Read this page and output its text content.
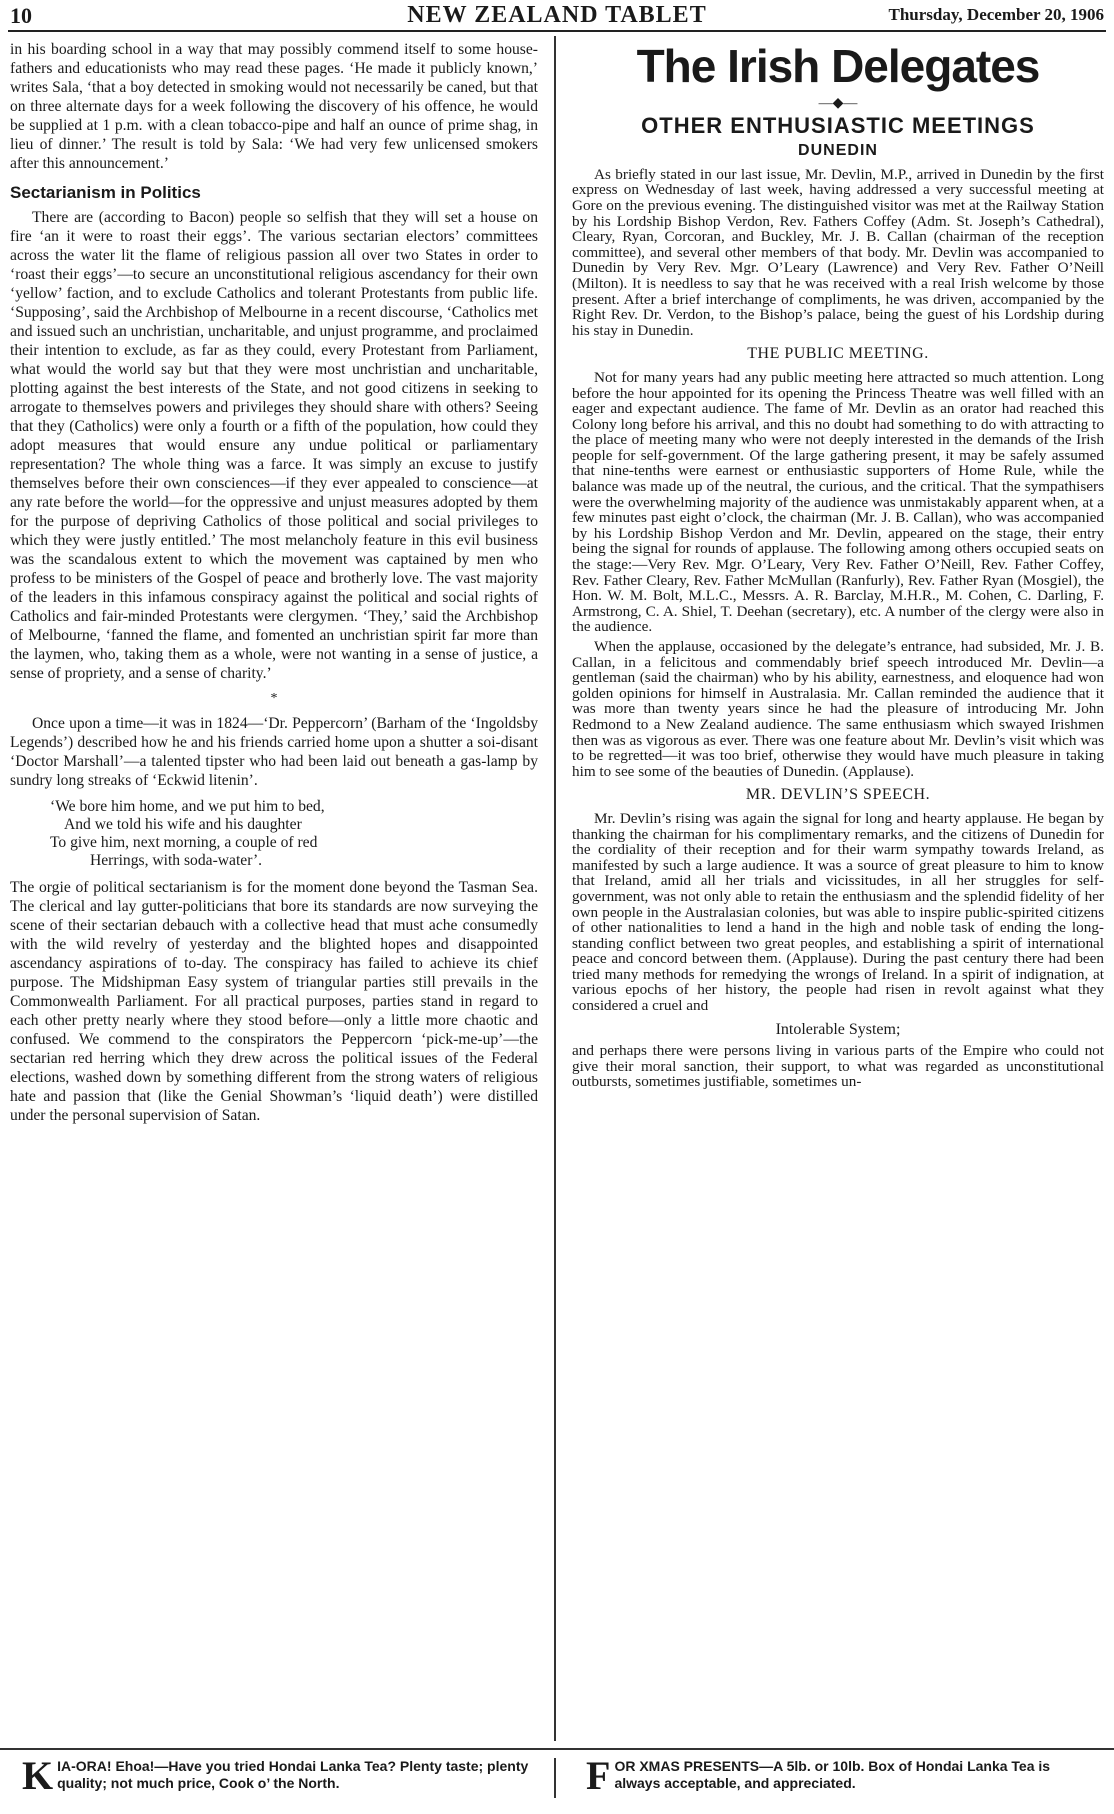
10	NEW ZEALAND TABLET	Thursday, December 20, 1906

in his boarding school in a way that may possibly commend itself to some house-fathers and educationists who may read these pages. ‘He made it publicly known,’ writes Sala, ‘that a boy detected in smoking would not necessarily be caned, but that on three alternate days for a week following the discovery of his offence, he would be supplied at 1 p.m. with a clean tobacco-pipe and half an ounce of prime shag, in lieu of dinner.’ The result is told by Sala: ‘We had very few unlicensed smokers after this announcement.’

Sectarianism in Politics

There are (according to Bacon) people so selfish that they will set a house on fire ‘an it were to roast their eggs’. The various sectarian electors’ committees across the water lit the flame of religious passion all over two States in order to ‘roast their eggs’—to secure an unconstitutional religious ascendancy for their own ‘yellow’ faction, and to exclude Catholics and tolerant Protestants from public life. ‘Supposing’, said the Archbishop of Melbourne in a recent discourse, ‘Catholics met and issued such an unchristian, uncharitable, and unjust programme, and proclaimed their intention to exclude, as far as they could, every Protestant from Parliament, what would the world say but that they were most unchristian and uncharitable, plotting against the best interests of the State, and not good citizens in seeking to arrogate to themselves powers and privileges they should share with others? Seeing that they (Catholics) were only a fourth or a fifth of the population, how could they adopt measures that would ensure any undue political or parliamentary representation? The whole thing was a farce. It was simply an excuse to justify themselves before their own consciences—if they ever appealed to conscience—at any rate before the world—for the oppressive and unjust measures adopted by them for the purpose of depriving Catholics of those political and social privileges to which they were justly entitled.’ The most melancholy feature in this evil business was the scandalous extent to which the movement was captained by men who profess to be ministers of the Gospel of peace and brotherly love. The vast majority of the leaders in this infamous conspiracy against the political and social rights of Catholics and fair-minded Protestants were clergymen. ‘They,’ said the Archbishop of Melbourne, ‘fanned the flame, and fomented an unchristian spirit far more than the laymen, who, taking them as a whole, were not wanting in a sense of justice, a sense of propriety, and a sense of charity.’

*

Once upon a time—it was in 1824—‘Dr. Peppercorn’ (Barham of the ‘Ingoldsby Legends’) described how he and his friends carried home upon a shutter a soi-disant ‘Doctor Marshall’—a talented tipster who had been laid out beneath a gas-lamp by sundry long streaks of ‘Eckwid litenin’.

‘We bore him home, and we put him to bed,
And we told his wife and his daughter
To give him, next morning, a couple of red
Herrings, with soda-water’.

The orgie of political sectarianism is for the moment done beyond the Tasman Sea. The clerical and lay gutter-politicians that bore its standards are now surveying the scene of their sectarian debauch with a collective head that must ache consumedly with the wild revelry of yesterday and the blighted hopes and disappointed ascendancy aspirations of to-day. The conspiracy has failed to achieve its chief purpose. The Midshipman Easy system of triangular parties still prevails in the Commonwealth Parliament. For all practical purposes, parties stand in regard to each other pretty nearly where they stood before—only a little more chaotic and confused. We commend to the conspirators the Peppercorn ‘pick-me-up’—the sectarian red herring which they drew across the political issues of the Federal elections, washed down by something different from the strong waters of religious hate and passion that (like the Genial Showman’s ‘liquid death’) were distilled under the personal supervision of Satan.

The Irish Delegates
—◆—
OTHER ENTHUSIASTIC MEETINGS
DUNEDIN

As briefly stated in our last issue, Mr. Devlin, M.P., arrived in Dunedin by the first express on Wednesday of last week, having addressed a very successful meeting at Gore on the previous evening. The distinguished visitor was met at the Railway Station by his Lordship Bishop Verdon, Rev. Fathers Coffey (Adm. St. Joseph’s Cathedral), Cleary, Ryan, Corcoran, and Buckley, Mr. J. B. Callan (chairman of the reception committee), and several other members of that body. Mr. Devlin was accompanied to Dunedin by Very Rev. Mgr. O’Leary (Lawrence) and Very Rev. Father O’Neill (Milton). It is needless to say that he was received with a real Irish welcome by those present. After a brief interchange of compliments, he was driven, accompanied by the Right Rev. Dr. Verdon, to the Bishop’s palace, being the guest of his Lordship during his stay in Dunedin.

THE PUBLIC MEETING.

Not for many years had any public meeting here attracted so much attention. Long before the hour appointed for its opening the Princess Theatre was well filled with an eager and expectant audience. The fame of Mr. Devlin as an orator had reached this Colony long before his arrival, and this no doubt had something to do with attracting to the place of meeting many who were not deeply interested in the demands of the Irish people for self-government. Of the large gathering present, it may be safely assumed that nine-tenths were earnest or enthusiastic supporters of Home Rule, while the balance was made up of the neutral, the curious, and the critical. That the sympathisers were the overwhelming majority of the audience was unmistakably apparent when, at a few minutes past eight o’clock, the chairman (Mr. J. B. Callan), who was accompanied by his Lordship Bishop Verdon and Mr. Devlin, appeared on the stage, their entry being the signal for rounds of applause. The following among others occupied seats on the stage:—Very Rev. Mgr. O’Leary, Very Rev. Father O’Neill, Rev. Father Coffey, Rev. Father Cleary, Rev. Father McMullan (Ranfurly), Rev. Father Ryan (Mosgiel), the Hon. W. M. Bolt, M.L.C., Messrs. A. R. Barclay, M.H.R., M. Cohen, C. Darling, F. Armstrong, C. A. Shiel, T. Deehan (secretary), etc. A number of the clergy were also in the audience.

When the applause, occasioned by the delegate’s entrance, had subsided, Mr. J. B. Callan, in a felicitous and commendably brief speech introduced Mr. Devlin—a gentleman (said the chairman) who by his ability, earnestness, and eloquence had won golden opinions for himself in Australasia. Mr. Callan reminded the audience that it was more than twenty years since he had the pleasure of introducing Mr. John Redmond to a New Zealand audience. The same enthusiasm which swayed Irishmen then was as vigorous as ever. There was one feature about Mr. Devlin’s visit which was to be regretted—it was too brief, otherwise they would have much pleasure in taking him to see some of the beauties of Dunedin. (Applause).

MR. DEVLIN’S SPEECH.

Mr. Devlin’s rising was again the signal for long and hearty applause. He began by thanking the chairman for his complimentary remarks, and the citizens of Dunedin for the cordiality of their reception and for their warm sympathy towards Ireland, as manifested by such a large audience. It was a source of great pleasure to him to know that Ireland, amid all her trials and vicissitudes, in all her struggles for self-government, was not only able to retain the enthusiasm and the splendid fidelity of her own people in the Australasian colonies, but was able to inspire public-spirited citizens of other nationalities to lend a hand in the high and noble task of ending the long-standing conflict between two great peoples, and establishing a spirit of international peace and concord between them. (Applause). During the past century there had been tried many methods for remedying the wrongs of Ireland. In a spirit of indignation, at various epochs of her history, the people had risen in revolt against what they considered a cruel and

Intolerable System;

and perhaps there were persons living in various parts of the Empire who could not give their moral sanction, their support, to what was regarded as unconstitutional outbursts, sometimes justifiable, sometimes un-

K IA-ORA! Ehoa!—Have you tried Hondai Lanka Tea? Plenty taste; plenty quality; not much price, Cook o’ the North.	F OR XMAS PRESENTS—A 5lb. or 10lb. Box of Hondai Lanka Tea is always acceptable, and appreciated.
